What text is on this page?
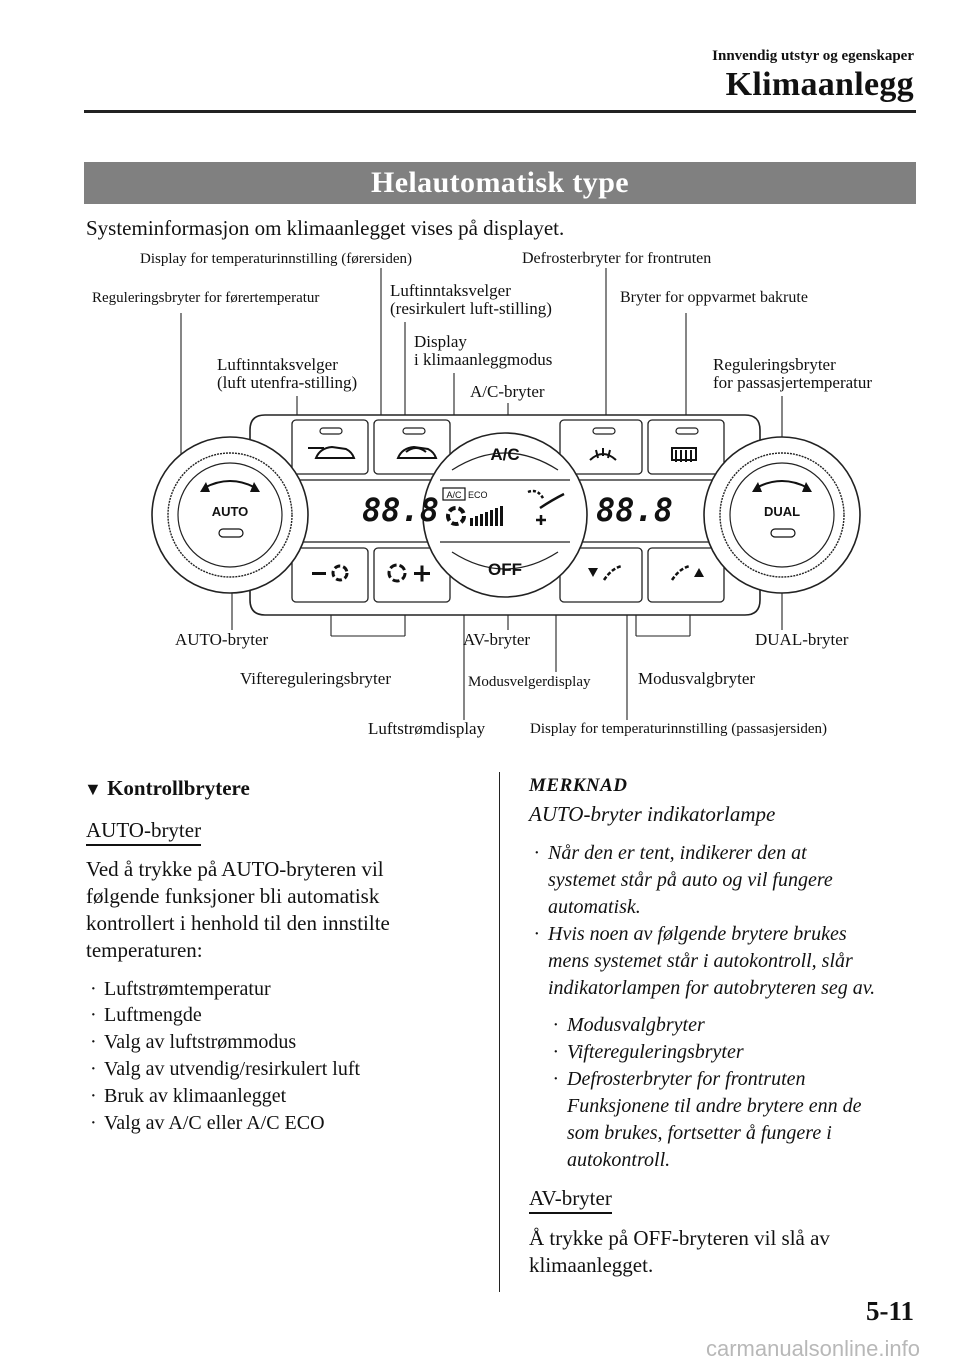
Innvendig utstyr og egenskaper
Klimaanlegg
Helautomatisk type
Systeminformasjon om klimaanlegget vises på displayet.
A/C
OFF
88.8	88.8
A/C ECO
AUTO	DUAL
Display for temperaturinnstilling (førersiden)	Defrosterbryter for frontruten
Reguleringsbryter for førertemperatur	Luftinntaksvelger
(resirkulert luft-stilling)
Bryter for oppvarmet bakrute
Display
i klimaanleggmodus
Luftinntaksvelger
(luft utenfra-stilling)
Reguleringsbryter
for passasjertemperatur
A/C-bryter
AUTO-bryter	AV-bryter	DUAL-bryter
Viftereguleringsbryter	Modusvelgerdisplay	Modusvalgbryter
Luftstrømdisplay	Display for temperaturinnstilling (passasjersiden)
▼ Kontrollbrytere
AUTO-bryter
Ved å trykke på AUTO-bryteren vil
følgende funksjoner bli automatisk
kontrollert i henhold til den innstilte
temperaturen:
· Luftstrømtemperatur
· Luftmengde
· Valg av luftstrømmodus
· Valg av utvendig/resirkulert luft
· Bruk av klimaanlegget
· Valg av A/C eller A/C ECO
MERKNAD
AUTO-bryter indikatorlampe
· Når den er tent, indikerer den at
systemet står på auto og vil fungere
automatisk.
· Hvis noen av følgende brytere brukes
mens systemet står i autokontroll, slår
indikatorlampen for autobryteren seg av.
· Modusvalgbryter
· Viftereguleringsbryter
· Defrosterbryter for frontruten
Funksjonene til andre brytere enn de
som brukes, fortsetter å fungere i
autokontroll.
AV-bryter
Å trykke på OFF-bryteren vil slå av
klimaanlegget.
5-11
carmanualsonline.info
